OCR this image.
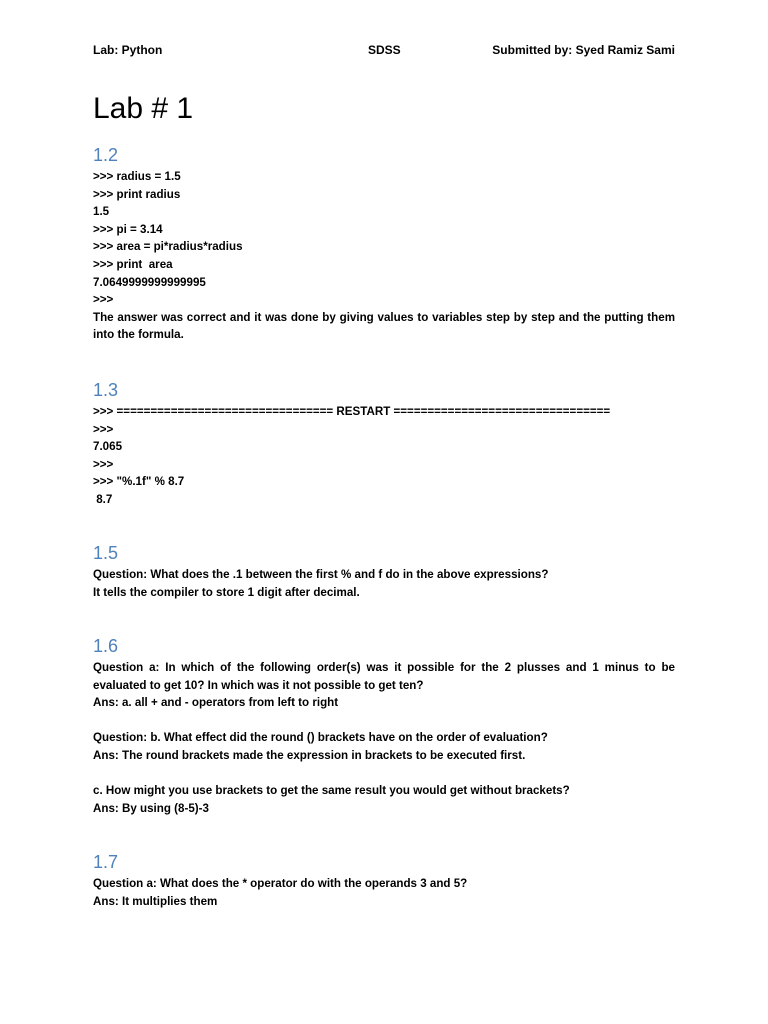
Lab: Python	SDSS	Submitted by: Syed Ramiz Sami
Lab # 1
1.2

>>> radius = 1.5

>>> print radius

1.5

>>> pi = 3.14

>>> area = pi*radius*radius

>>> print  area

7.0649999999999995

>>>

The answer was correct and it was done by giving values to variables step by step and the putting them into the formula.

1.3

>>> ================================ RESTART ================================

>>>

7.065

>>>

>>> "%.1f" % 8.7

8.7

1.5

Question: What does the .1 between the first % and f do in the above expressions?

It tells the compiler to store 1 digit after decimal.

1.6

Question a: In which of the following order(s) was it possible for the 2 plusses and 1 minus to be evaluated to get 10? In which was it not possible to get ten?

Ans: a. all + and - operators from left to right

Question: b. What effect did the round () brackets have on the order of evaluation?

Ans: The round brackets made the expression in brackets to be executed first.

c. How might you use brackets to get the same result you would get without brackets?

Ans: By using (8-5)-3

1.7

Question a: What does the * operator do with the operands 3 and 5?

Ans: It multiplies them
